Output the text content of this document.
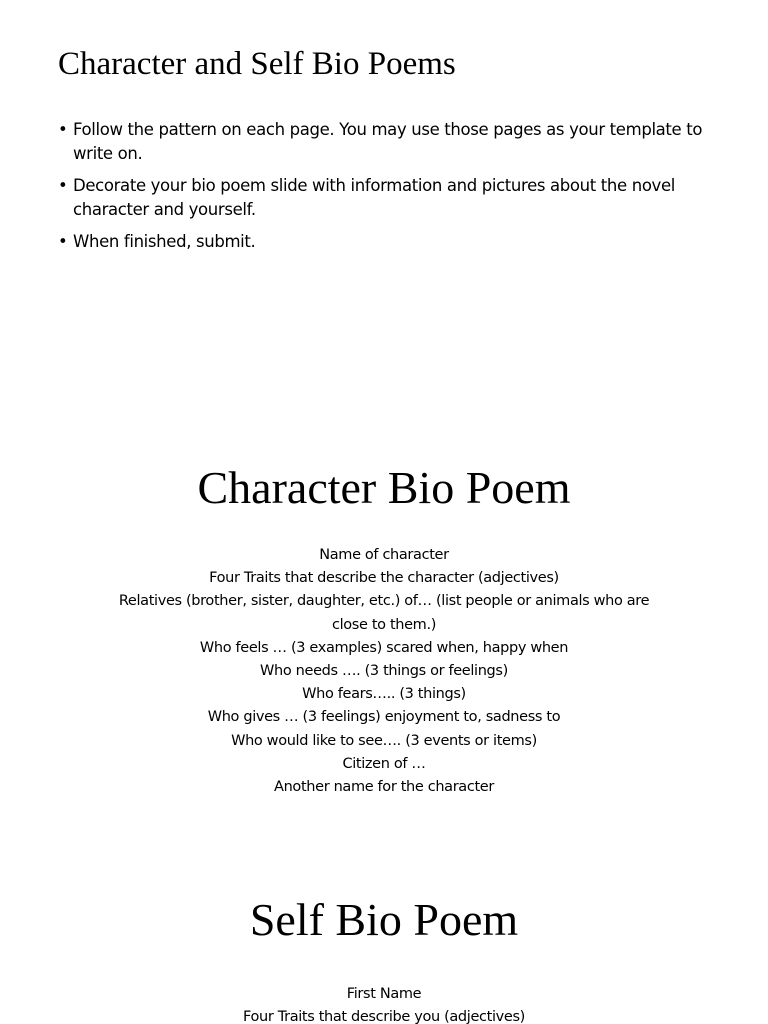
Character and Self Bio Poems
• Follow the pattern on each page. You may use those pages as your template to write on.
• Decorate your bio poem slide with information and pictures about the novel character and yourself.
• When finished, submit.
Character Bio Poem
Name of character
Four Traits that describe the character (adjectives)
Relatives (brother, sister, daughter, etc.) of… (list people or animals who are close to them.)
Who feels … (3 examples) scared when, happy when
Who needs …. (3 things or feelings)
Who fears….. (3 things)
Who gives … (3 feelings) enjoyment to, sadness to
Who would like to see…. (3 events or items)
Citizen of …
Another name for the character
Self Bio Poem
First Name
Four Traits that describe you (adjectives)
